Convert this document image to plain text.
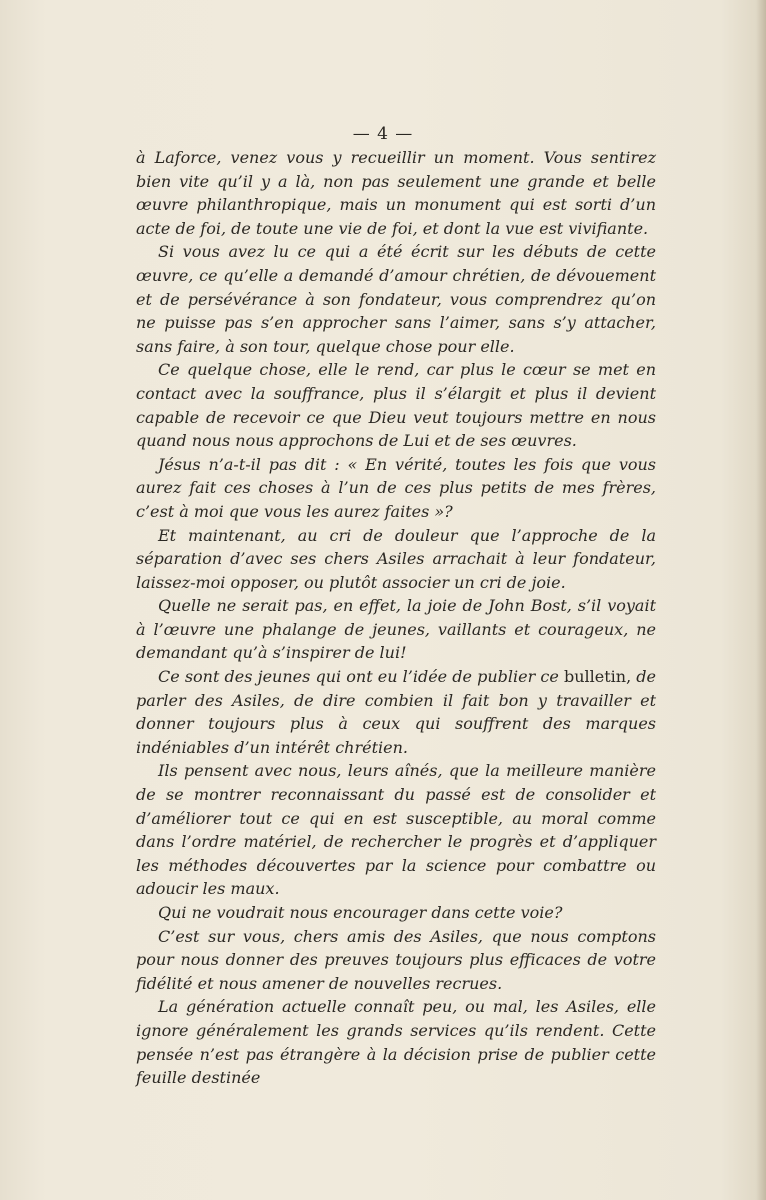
— 4 —

à Laforce, venez vous y recueillir un moment. Vous sentirez bien vite qu’il y a là, non pas seulement une grande et belle œuvre philanthropique, mais un monument qui est sorti d’un acte de foi, de toute une vie de foi, et dont la vue est vivifiante.

Si vous avez lu ce qui a été écrit sur les débuts de cette œuvre, ce qu’elle a demandé d’amour chrétien, de dévouement et de persévérance à son fondateur, vous comprendrez qu’on ne puisse pas s’en approcher sans l’aimer, sans s’y attacher, sans faire, à son tour, quelque chose pour elle.

Ce quelque chose, elle le rend, car plus le cœur se met en contact avec la souffrance, plus il s’élargit et plus il devient capable de recevoir ce que Dieu veut toujours mettre en nous quand nous nous approchons de Lui et de ses œuvres.

Jésus n’a-t-il pas dit : « En vérité, toutes les fois que vous aurez fait ces choses à l’un de ces plus petits de mes frères, c’est à moi que vous les aurez faites »?

Et maintenant, au cri de douleur que l’approche de la séparation d’avec ses chers Asiles arrachait à leur fondateur, laissez-moi opposer, ou plutôt associer un cri de joie.

Quelle ne serait pas, en effet, la joie de John Bost, s’il voyait à l’œuvre une phalange de jeunes, vaillants et courageux, ne demandant qu’à s’inspirer de lui!

Ce sont des jeunes qui ont eu l’idée de publier ce bulletin, de parler des Asiles, de dire combien il fait bon y travailler et donner toujours plus à ceux qui souffrent des marques indéniables d’un intérêt chrétien.

Ils pensent avec nous, leurs aînés, que la meilleure manière de se montrer reconnaissant du passé est de consolider et d’améliorer tout ce qui en est susceptible, au moral comme dans l’ordre matériel, de rechercher le progrès et d’appliquer les méthodes découvertes par la science pour combattre ou adoucir les maux.

Qui ne voudrait nous encourager dans cette voie?

C’est sur vous, chers amis des Asiles, que nous comptons pour nous donner des preuves toujours plus efficaces de votre fidélité et nous amener de nouvelles recrues.

La génération actuelle connaît peu, ou mal, les Asiles, elle ignore généralement les grands services qu’ils rendent. Cette pensée n’est pas étrangère à la décision prise de publier cette feuille destinée
